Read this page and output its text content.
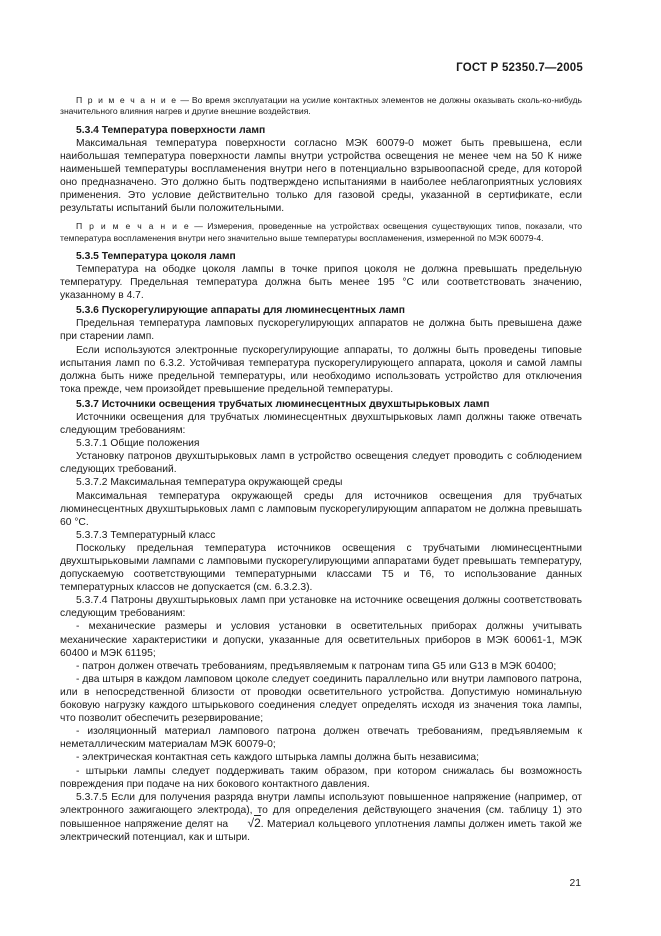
ГОСТ Р 52350.7—2005

П р и м е ч а н и е — Во время эксплуатации на усилие контактных элементов не должны оказывать сколь-ко-нибудь значительного влияния нагрев и другие внешние воздействия.

5.3.4 Температура поверхности ламп

Максимальная температура поверхности согласно МЭК 60079-0 может быть превышена, если наибольшая температура поверхности лампы внутри устройства освещения не менее чем на 50 К ниже наименьшей температуры воспламенения внутри него в потенциально взрывоопасной среде, для которой оно предназначено. Это должно быть подтверждено испытаниями в наиболее неблагоприятных условиях применения. Это условие действительно только для газовой среды, указанной в сертификате, если результаты испытаний были положительными.

П р и м е ч а н и е — Измерения, проведенные на устройствах освещения существующих типов, показали, что температура воспламенения внутри него значительно выше температуры воспламенения, измеренной по МЭК 60079-4.

5.3.5 Температура цоколя ламп

Температура на ободке цоколя лампы в точке припоя цоколя не должна превышать предельную температуру. Предельная температура должна быть менее 195 °С или соответствовать значению, указанному в 4.7.

5.3.6 Пускорегулирующие аппараты для люминесцентных ламп

Предельная температура ламповых пускорегулирующих аппаратов не должна быть превышена даже при старении ламп.

Если используются электронные пускорегулирующие аппараты, то должны быть проведены типовые испытания ламп по 6.3.2. Устойчивая температура пускорегулирующего аппарата, цоколя и самой лампы должна быть ниже предельной температуры, или необходимо использовать устройство для отключения тока прежде, чем произойдет превышение предельной температуры.

5.3.7 Источники освещения трубчатых люминесцентных двухштырьковых ламп

Источники освещения для трубчатых люминесцентных двухштырьковых ламп должны также отвечать следующим требованиям:

5.3.7.1 Общие положения

Установку патронов двухштырьковых ламп в устройство освещения следует проводить с соблюдением следующих требований.

5.3.7.2 Максимальная температура окружающей среды

Максимальная температура окружающей среды для источников освещения для трубчатых люминесцентных двухштырьковых ламп с ламповым пускорегулирующим аппаратом не должна превышать 60 °С.

5.3.7.3 Температурный класс

Поскольку предельная температура источников освещения с трубчатыми люминесцентными двухштырьковыми лампами с ламповыми пускорегулирующими аппаратами будет превышать температуру, допускаемую соответствующими температурными классами Т5 и Т6, то использование данных температурных классов не допускается (см. 6.3.2.3).

5.3.7.4 Патроны двухштырьковых ламп при установке на источнике освещения должны соответствовать следующим требованиям:

- механические размеры и условия установки в осветительных приборах должны учитывать механические характеристики и допуски, указанные для осветительных приборов в МЭК 60061-1, МЭК 60400 и МЭК 61195;

- патрон должен отвечать требованиям, предъявляемым к патронам типа G5 или G13 в МЭК 60400;

- два штыря в каждом ламповом цоколе следует соединить параллельно или внутри лампового патрона, или в непосредственной близости от проводки осветительного устройства. Допустимую номинальную боковую нагрузку каждого штырькового соединения следует определять исходя из значения тока лампы, что позволит обеспечить резервирование;

- изоляционный материал лампового патрона должен отвечать требованиям, предъявляемым к неметаллическим материалам МЭК 60079-0;

- электрическая контактная сеть каждого штырька лампы должна быть независима;

- штырьки лампы следует поддерживать таким образом, при котором снижалась бы возможность повреждения при подаче на них бокового контактного давления.

5.3.7.5 Если для получения разряда внутри лампы используют повышенное напряжение (например, от электронного зажигающего электрода), то для определения действующего значения (см. таблицу 1) это повышенное напряжение делят на √2. Материал кольцевого уплотнения лампы должен иметь такой же электрический потенциал, как и штыри.

21
